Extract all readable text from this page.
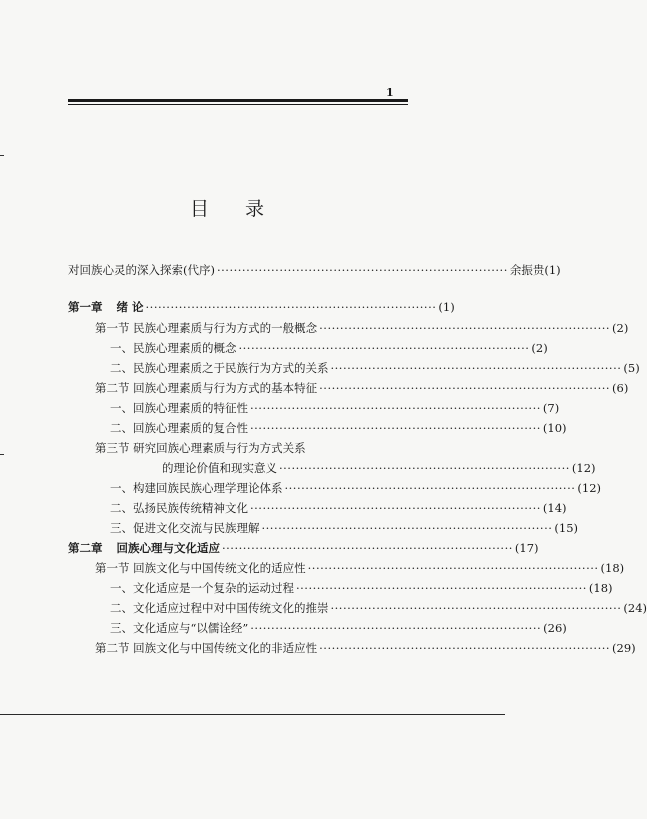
1
目录
对回族心灵的深入探索(代序) ······································································ 余振贵(1)
第一章 绪 论 ······································································ (1)
第一节 民族心理素质与行为方式的一般概念 ······································································ (2)
一、民族心理素质的概念 ······································································ (2)
二、民族心理素质之于民族行为方式的关系 ······································································ (5)
第二节 回族心理素质与行为方式的基本特征 ······································································ (6)
一、回族心理素质的特征性 ······································································ (7)
二、回族心理素质的复合性 ······································································ (10)
第三节 研究回族心理素质与行为方式关系
的理论价值和现实意义 ······································································ (12)
一、构建回族民族心理学理论体系 ······································································ (12)
二、弘扬民族传统精神文化 ······································································ (14)
三、促进文化交流与民族理解 ······································································ (15)
第二章 回族心理与文化适应 ······································································ (17)
第一节 回族文化与中国传统文化的适应性 ······································································ (18)
一、文化适应是一个复杂的运动过程 ······································································ (18)
二、文化适应过程中对中国传统文化的推崇 ······································································ (24)
三、文化适应与“以儒诠经” ······································································ (26)
第二节 回族文化与中国传统文化的非适应性 ······································································ (29)
